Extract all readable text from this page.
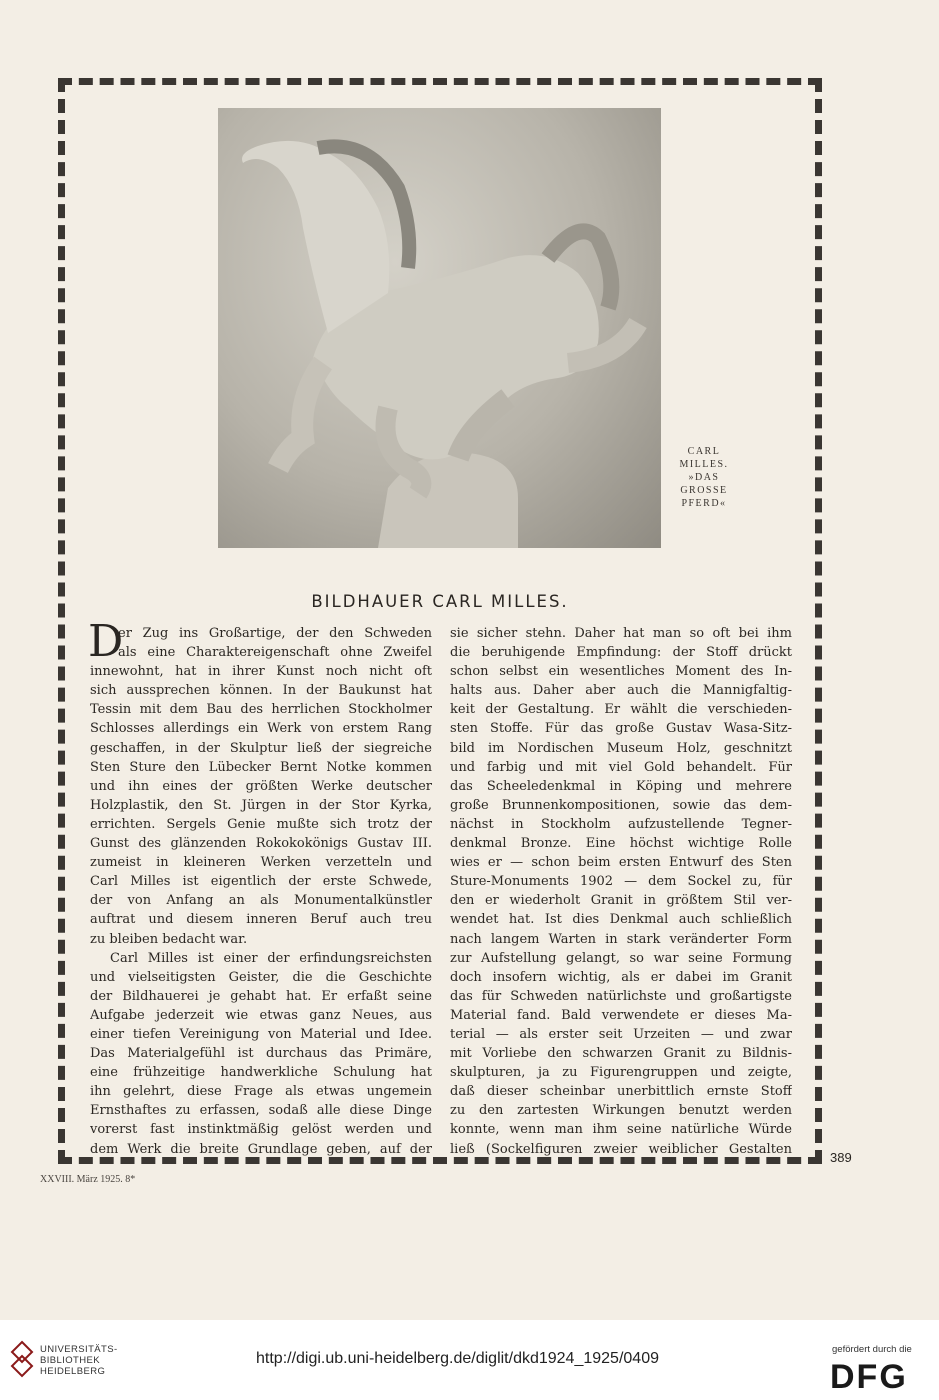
CARL
MILLES.
»DAS
GROSSE
PFERD«
BILDHAUER CARL MILLES.
D
er Zug ins Großartige, der den Schweden
als eine Charaktereigenschaft ohne Zweifel
innewohnt, hat in ihrer Kunst noch nicht oft
sich aussprechen können. In der Baukunst hat
Tessin mit dem Bau des herrlichen Stockholmer
Schlosses allerdings ein Werk von erstem Rang
geschaffen, in der Skulptur ließ der siegreiche
Sten Sture den Lübecker Bernt Notke kommen
und ihn eines der größten Werke deutscher
Holzplastik, den St. Jürgen in der Stor Kyrka,
errichten. Sergels Genie mußte sich trotz der
Gunst des glänzenden Rokokokönigs Gustav III.
zumeist in kleineren Werken verzetteln und
Carl Milles ist eigentlich der erste Schwede,
der von Anfang an als Monumentalkünstler
auftrat und diesem inneren Beruf auch treu
zu bleiben bedacht war.
Carl Milles ist einer der erfindungsreichsten
und vielseitigsten Geister, die die Geschichte
der Bildhauerei je gehabt hat. Er erfaßt seine
Aufgabe jederzeit wie etwas ganz Neues, aus
einer tiefen Vereinigung von Material und Idee.
Das Materialgefühl ist durchaus das Primäre,
eine frühzeitige handwerkliche Schulung hat
ihn gelehrt, diese Frage als etwas ungemein
Ernsthaftes zu erfassen, sodaß alle diese Dinge
vorerst fast instinktmäßig gelöst werden und
dem Werk die breite Grundlage geben, auf der
sie sicher stehn. Daher hat man so oft bei ihm
die beruhigende Empfindung: der Stoff drückt
schon selbst ein wesentliches Moment des In-
halts aus. Daher aber auch die Mannigfaltig-
keit der Gestaltung. Er wählt die verschieden-
sten Stoffe. Für das große Gustav Wasa-Sitz-
bild im Nordischen Museum Holz, geschnitzt
und farbig und mit viel Gold behandelt. Für
das Scheeledenkmal in Köping und mehrere
große Brunnenkompositionen, sowie das dem-
nächst in Stockholm aufzustellende Tegner-
denkmal Bronze. Eine höchst wichtige Rolle
wies er — schon beim ersten Entwurf des Sten
Sture-Monuments 1902 — dem Sockel zu, für
den er wiederholt Granit in größtem Stil ver-
wendet hat. Ist dies Denkmal auch schließlich
nach langem Warten in stark veränderter Form
zur Aufstellung gelangt, so war seine Formung
doch insofern wichtig, als er dabei im Granit
das für Schweden natürlichste und großartigste
Material fand. Bald verwendete er dieses Ma-
terial — als erster seit Urzeiten — und zwar
mit Vorliebe den schwarzen Granit zu Bildnis-
skulpturen, ja zu Figurengruppen und zeigte,
daß dieser scheinbar unerbittlich ernste Stoff
zu den zartesten Wirkungen benutzt werden
konnte, wenn man ihm seine natürliche Würde
ließ (Sockelfiguren zweier weiblicher Gestalten
389
XXVIII. März 1925. 8*
UNIVERSITÄTS-
BIBLIOTHEK
HEIDELBERG
http://digi.ub.uni-heidelberg.de/diglit/dkd1924_1925/0409
gefördert durch die
DFG
